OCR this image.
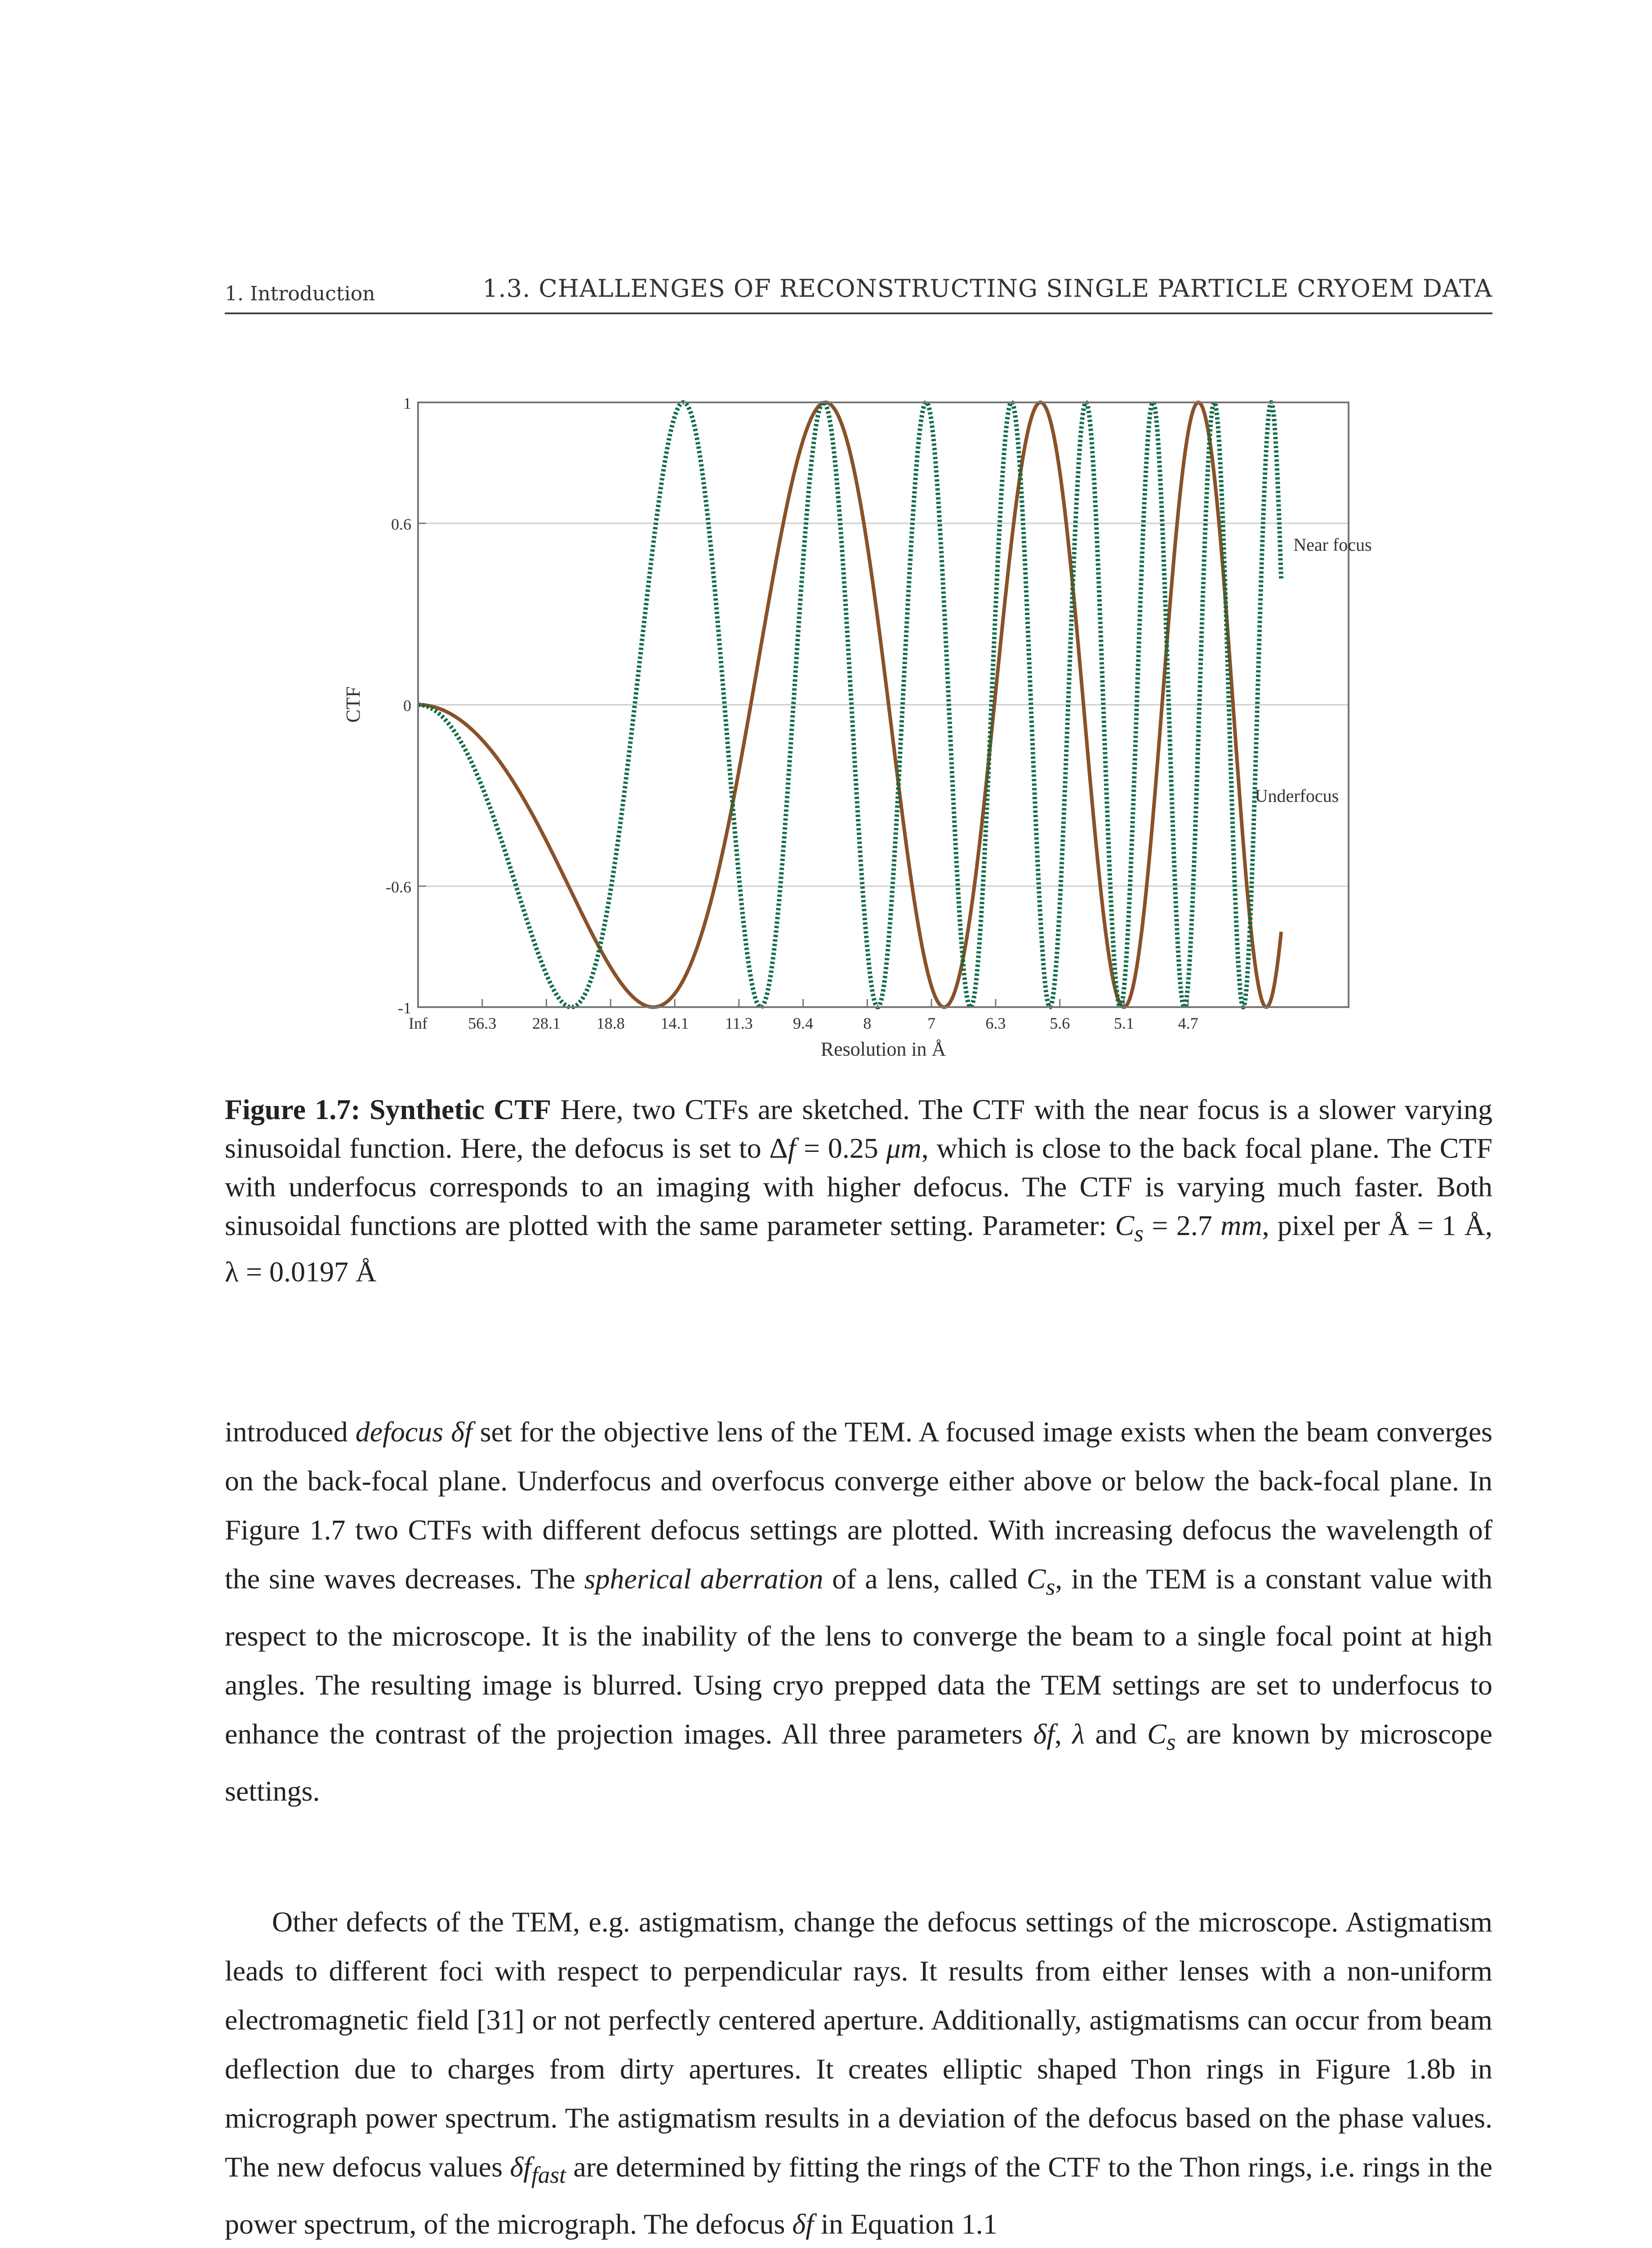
1. Introduction	1.3. CHALLENGES OF RECONSTRUCTING SINGLE PARTICLE CRYOEM DATA
-1
-0.6
0
0.6
1
Inf	56.3 28.1 18.8 14.1 11.3 9.4	8	7	6.3	5.6	5.1	4.7
CTF
Resolution in Å
Near focus
Underfocus
Figure 1.7: Synthetic CTF Here, two CTFs are sketched. The CTF with the near focus is a slower varying sinusoidal function. Here, the defocus is set to Δf = 0.25 μm, which is close to the back focal plane. The CTF with underfocus corresponds to an imaging with higher defocus. The CTF is varying much faster. Both sinusoidal functions are plotted with the same parameter setting. Parameter: $C_s = 2.7$ mm, pixel per Å = 1 Å, λ = 0.0197 Å
introduced defocus δf set for the objective lens of the TEM. A focused image exists when the beam converges on the back-focal plane. Underfocus and overfocus converge either above or below the back-focal plane. In Figure 1.7 two CTFs with different defocus settings are plotted. With increasing defocus the wavelength of the sine waves decreases. The spherical aberration of a lens, called $C_s$, in the TEM is a constant value with respect to the microscope. It is the inability of the lens to converge the beam to a single focal point at high angles. The resulting image is blurred. Using cryo prepped data the TEM settings are set to underfocus to enhance the contrast of the projection images. All three parameters δf, λ and $C_s$ are known by microscope settings.
Other defects of the TEM, e.g. astigmatism, change the defocus settings of the microscope. Astigmatism leads to different foci with respect to perpendicular rays. It results from either lenses with a non-uniform electromagnetic field [31] or not perfectly centered aperture. Additionally, astigmatisms can occur from beam deflection due to charges from dirty apertures. It creates elliptic shaped Thon rings in Figure 1.8b in micrograph power spectrum. The astigmatism results in a deviation of the defocus based on the phase values. The new defocus values $\delta f_{fast}$ are determined by fitting the rings of the CTF to the Thon rings, i.e. rings in the power spectrum, of the micrograph. The defocus δf in Equation 1.1
